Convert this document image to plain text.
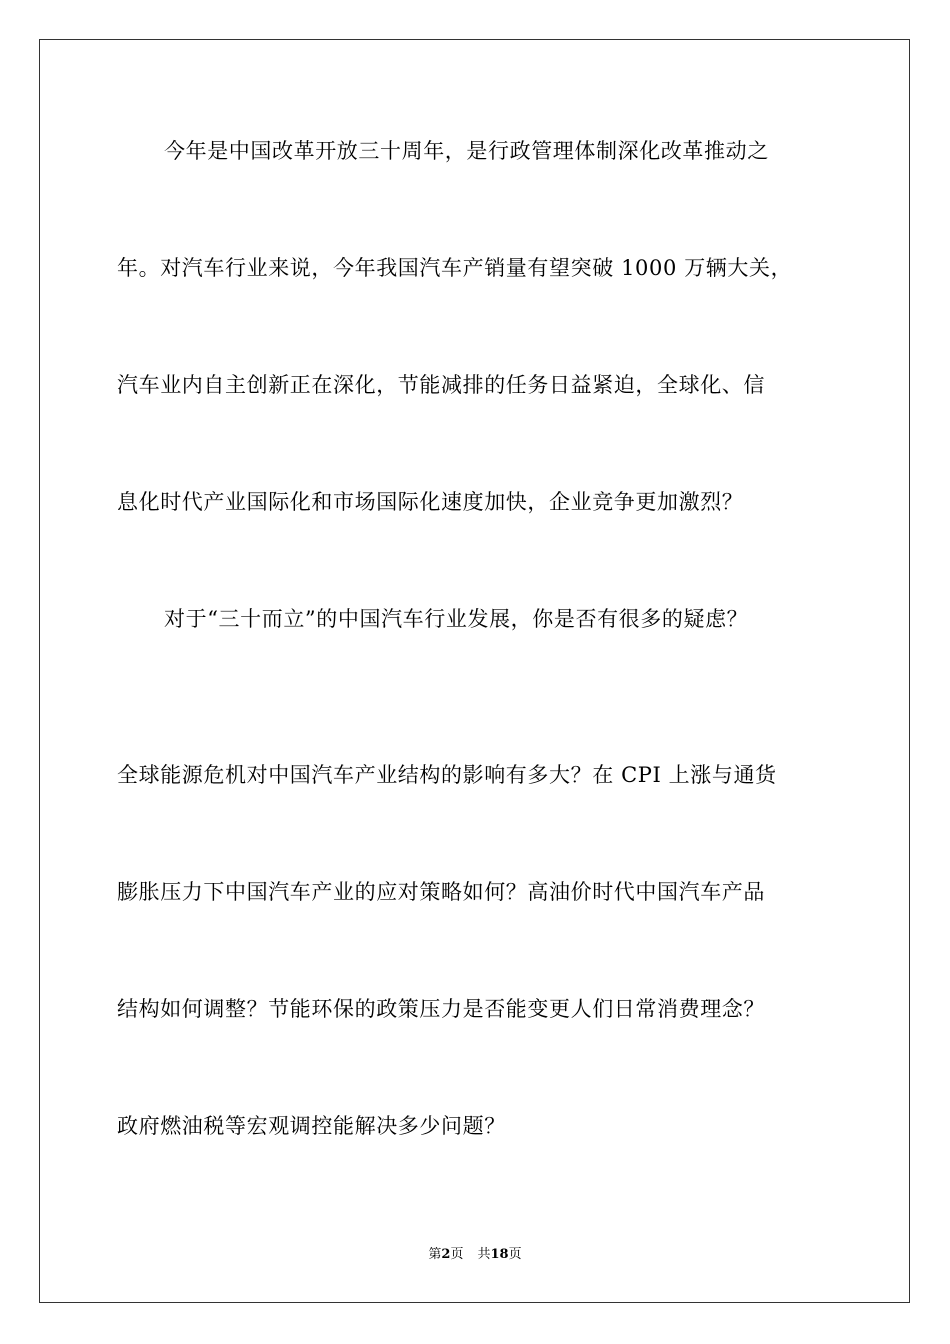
今年是中国改革开放三十周年，是行政管理体制深化改革推动之
年。对汽车行业来说，今年我国汽车产销量有望突破 1000 万辆大关，
汽车业内自主创新正在深化，节能减排的任务日益紧迫，全球化、信
息化时代产业国际化和市场国际化速度加快，企业竞争更加激烈？
对于“三十而立”的中国汽车行业发展，你是否有很多的疑虑？
全球能源危机对中国汽车产业结构的影响有多大？在 CPI 上涨与通货
膨胀压力下中国汽车产业的应对策略如何？高油价时代中国汽车产品
结构如何调整？节能环保的政策压力是否能变更人们日常消费理念？
政府燃油税等宏观调控能解决多少问题？
第2页 共18页
